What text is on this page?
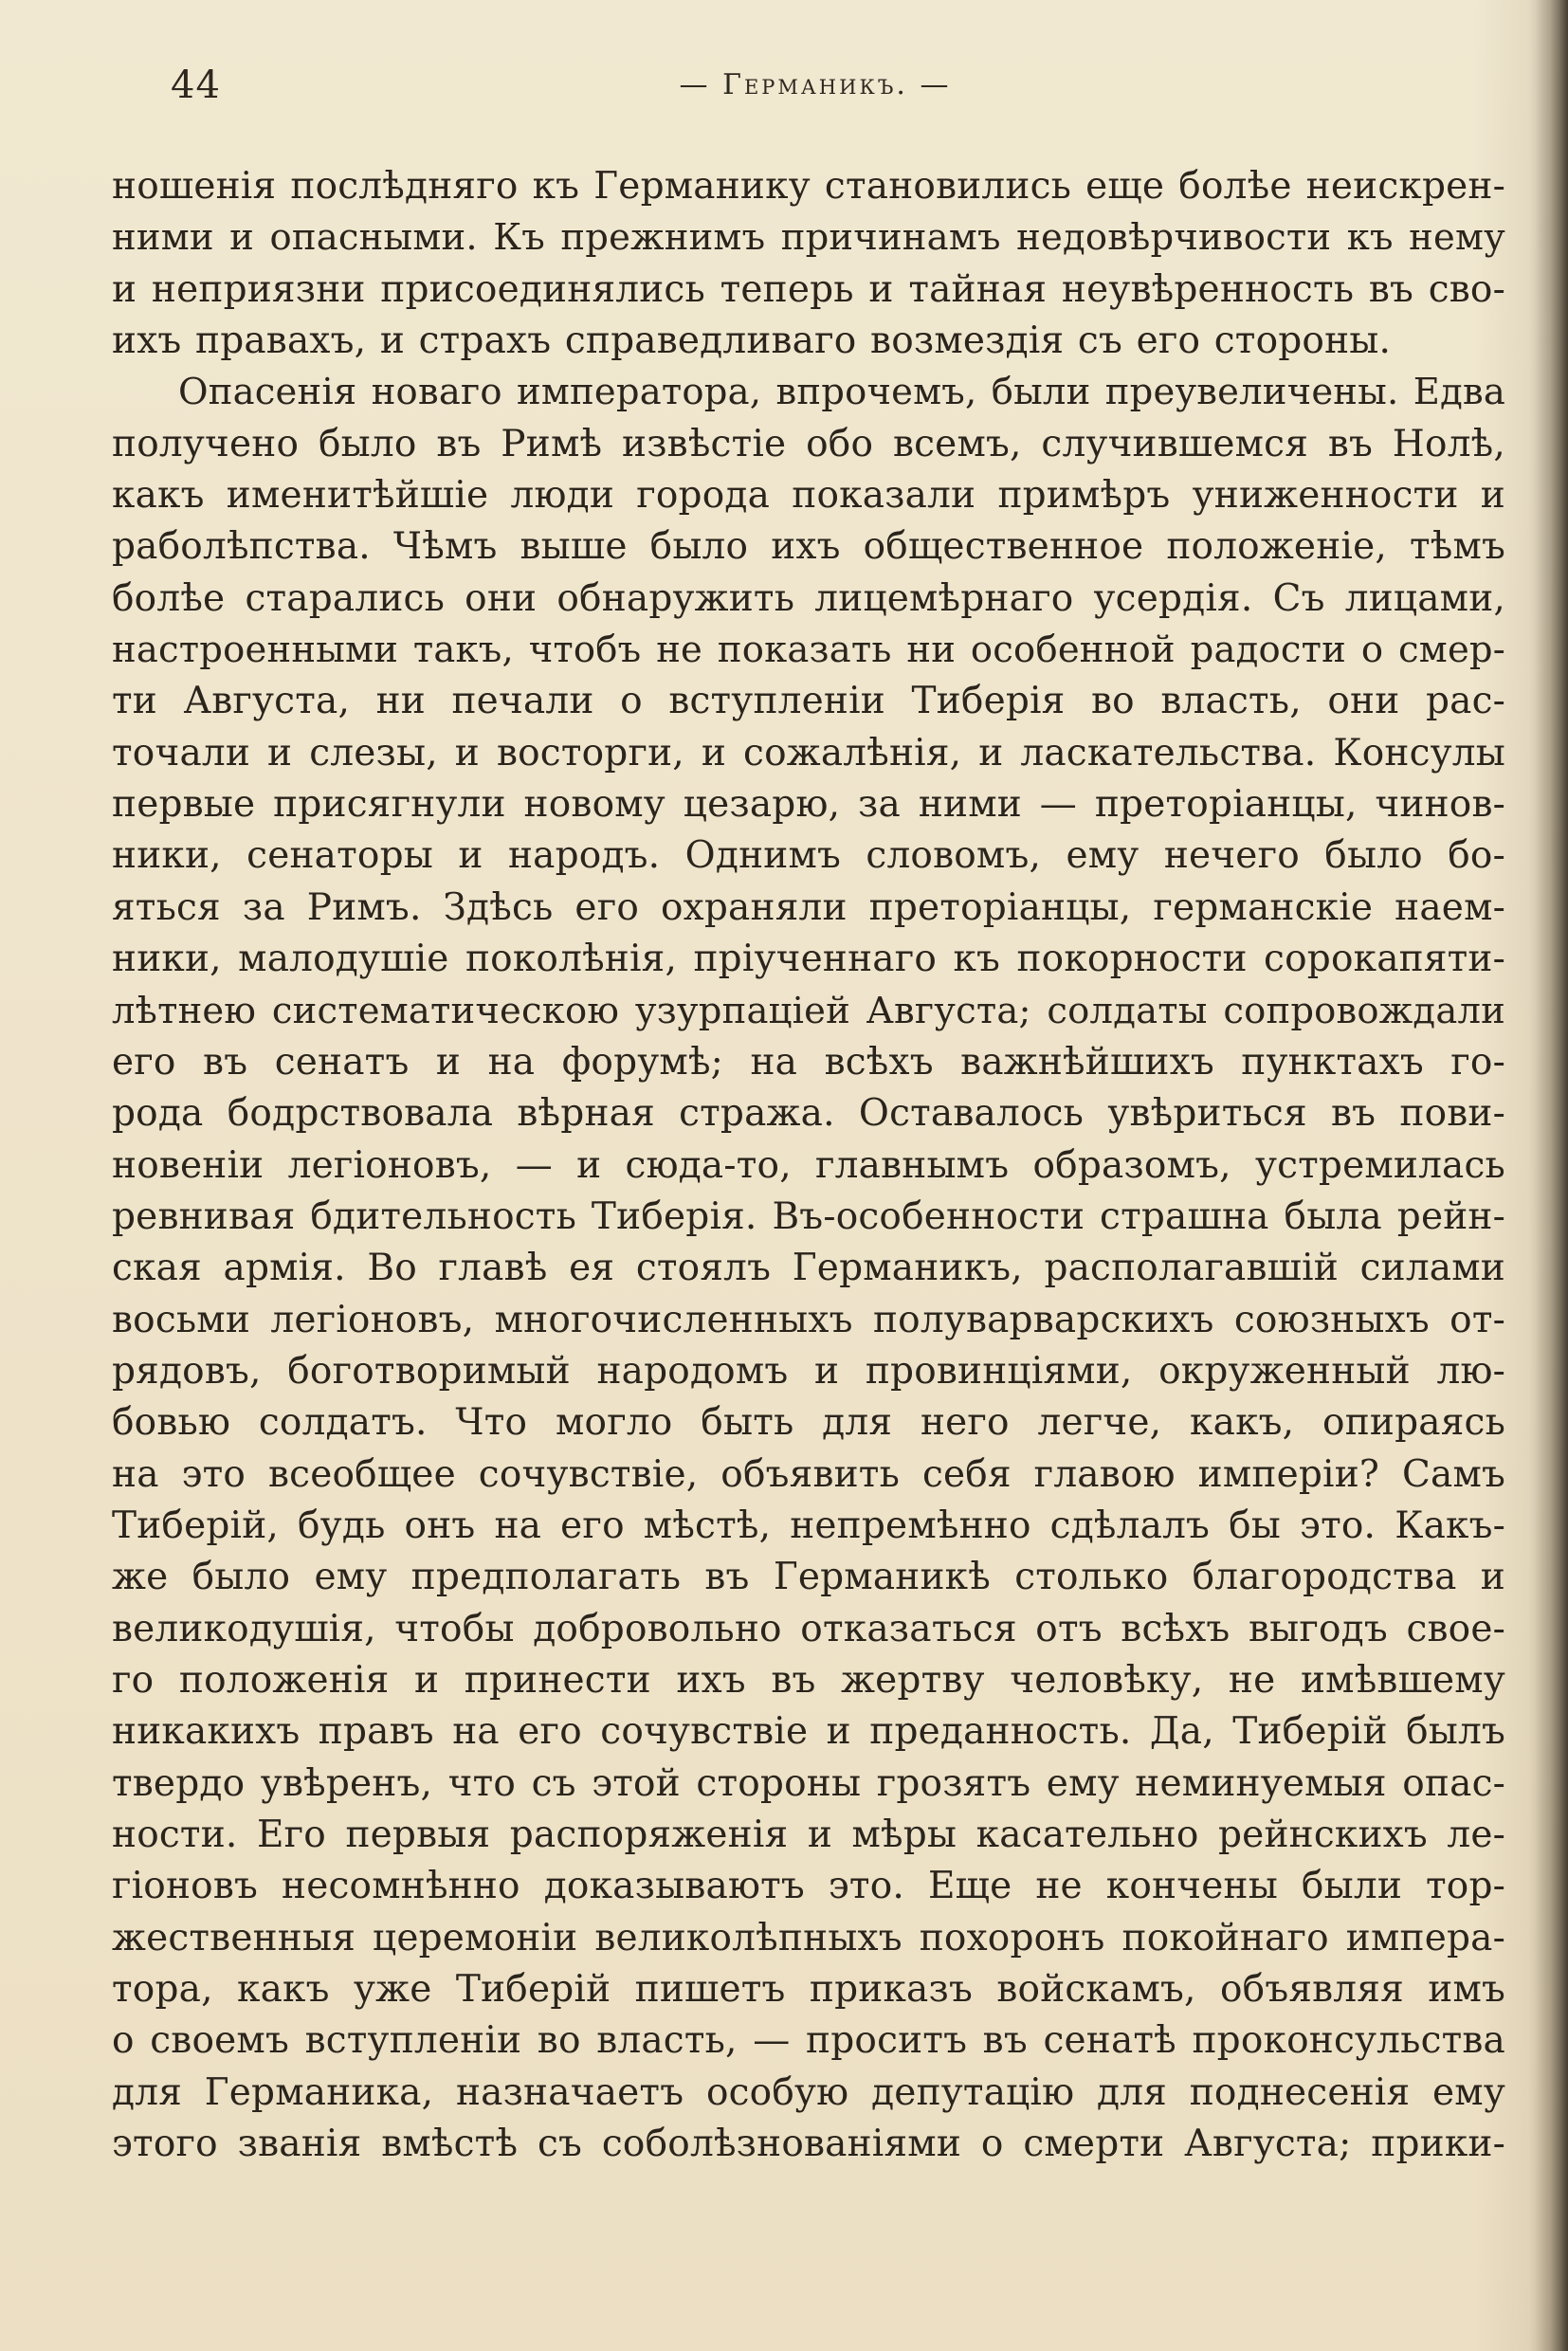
44	— Германикъ. —
ношенія послѣдняго къ Германику становились еще болѣе неискрен-
ними и опасными. Къ прежнимъ причинамъ недовѣрчивости къ нему
и неприязни присоединялись теперь и тайная неувѣренность въ сво-
ихъ правахъ, и страхъ справедливаго возмездія съ его стороны.
Опасенія новаго императора, впрочемъ, были преувеличены. Едва
получено было въ Римѣ извѣстіе обо всемъ, случившемся въ Нолѣ,
какъ именитѣйшіе люди города показали примѣръ униженности и
раболѣпства. Чѣмъ выше было ихъ общественное положеніе, тѣмъ
болѣе старались они обнаружить лицемѣрнаго усердія. Съ лицами,
настроенными такъ, чтобъ не показать ни особенной радости о смер-
ти Августа, ни печали о вступленіи Тиберія во власть, они рас-
точали и слезы, и восторги, и сожалѣнія, и ласкательства. Консулы
первые присягнули новому цезарю, за ними — преторіанцы, чинов-
ники, сенаторы и народъ. Однимъ словомъ, ему нечего было бо-
яться за Римъ. Здѣсь его охраняли преторіанцы, германскіе наем-
ники, малодушіе поколѣнія, пріученнаго къ покорности сорокапяти-
лѣтнею систематическою узурпаціей Августа; солдаты сопровождали
его въ сенатъ и на форумѣ; на всѣхъ важнѣйшихъ пунктахъ го-
рода бодрствовала вѣрная стража. Оставалось увѣриться въ пови-
новеніи легіоновъ, — и сюда-то, главнымъ образомъ, устремилась
ревнивая бдительность Тиберія. Въ-особенности страшна была рейн-
ская армія. Во главѣ ея стоялъ Германикъ, располагавшій силами
восьми легіоновъ, многочисленныхъ полуварварскихъ союзныхъ от-
рядовъ, боготворимый народомъ и провинціями, окруженный лю-
бовью солдатъ. Что могло быть для него легче, какъ, опираясь
на это всеобщее сочувствіе, объявить себя главою имперіи? Самъ
Тиберій, будь онъ на его мѣстѣ, непремѣнно сдѣлалъ бы это. Какъ-
же было ему предполагать въ Германикѣ столько благородства и
великодушія, чтобы добровольно отказаться отъ всѣхъ выгодъ свое-
го положенія и принести ихъ въ жертву человѣку, не имѣвшему
никакихъ правъ на его сочувствіе и преданность. Да, Тиберій былъ
твердо увѣренъ, что съ этой стороны грозятъ ему неминуемыя опас-
ности. Его первыя распоряженія и мѣры касательно рейнскихъ ле-
гіоновъ несомнѣнно доказываютъ это. Еще не кончены были тор-
жественныя церемоніи великолѣпныхъ похоронъ покойнаго импера-
тора, какъ уже Тиберій пишетъ приказъ войскамъ, объявляя имъ
о своемъ вступленіи во власть, — проситъ въ сенатѣ проконсульства
для Германика, назначаетъ особую депутацію для поднесенія ему
этого званія вмѣстѣ съ соболѣзнованіями о смерти Августа; прики-
